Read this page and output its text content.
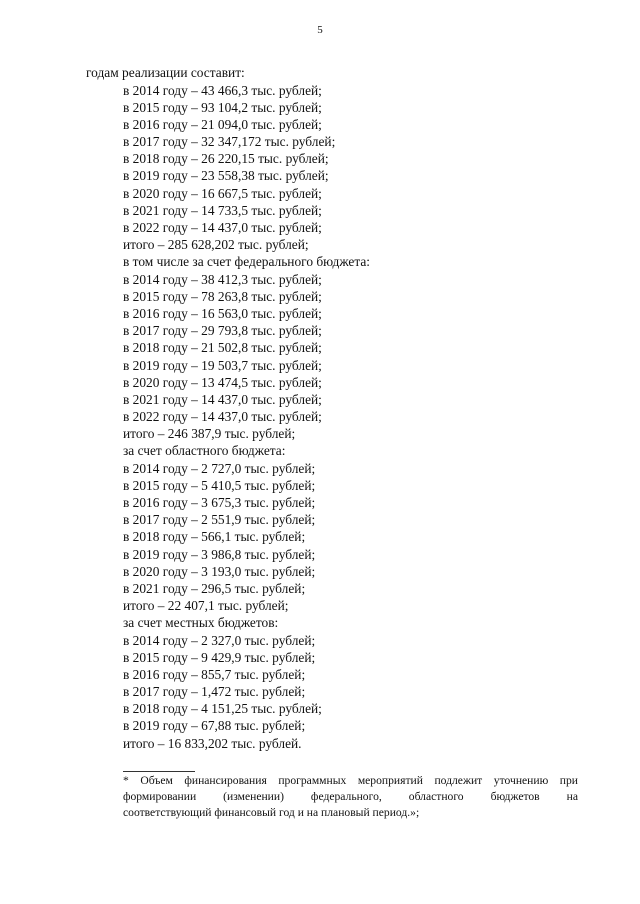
5
годам реализации составит:
в 2014 году – 43 466,3 тыс. рублей;
в 2015 году – 93 104,2 тыс. рублей;
в 2016 году – 21 094,0 тыс. рублей;
в 2017 году – 32 347,172 тыс. рублей;
в 2018 году – 26 220,15 тыс. рублей;
в 2019 году – 23 558,38 тыс. рублей;
в 2020 году – 16 667,5 тыс. рублей;
в 2021 году – 14 733,5 тыс. рублей;
в 2022 году – 14 437,0 тыс. рублей;
итого – 285 628,202 тыс. рублей;
в том числе за счет федерального бюджета:
в 2014 году – 38 412,3 тыс. рублей;
в 2015 году – 78 263,8 тыс. рублей;
в 2016 году – 16 563,0 тыс. рублей;
в 2017 году – 29 793,8 тыс. рублей;
в 2018 году – 21 502,8 тыс. рублей;
в 2019 году – 19 503,7 тыс. рублей;
в 2020 году – 13 474,5 тыс. рублей;
в 2021 году – 14 437,0 тыс. рублей;
в 2022 году – 14 437,0 тыс. рублей;
итого – 246 387,9 тыс. рублей;
за счет областного бюджета:
в 2014 году – 2 727,0 тыс. рублей;
в 2015 году – 5 410,5 тыс. рублей;
в 2016 году – 3 675,3 тыс. рублей;
в 2017 году – 2 551,9 тыс. рублей;
в 2018 году – 566,1 тыс. рублей;
в 2019 году – 3 986,8 тыс. рублей;
в 2020 году – 3 193,0 тыс. рублей;
в 2021 году – 296,5 тыс. рублей;
итого – 22 407,1 тыс. рублей;
за счет местных бюджетов:
в 2014 году – 2 327,0 тыс. рублей;
в 2015 году – 9 429,9 тыс. рублей;
в 2016 году – 855,7 тыс. рублей;
в 2017 году – 1,472 тыс. рублей;
в 2018 году – 4 151,25 тыс. рублей;
в 2019 году – 67,88 тыс. рублей;
итого – 16 833,202 тыс. рублей.
* Объем финансирования программных мероприятий подлежит уточнению при
формировании (изменении) федерального, областного бюджетов на
соответствующий финансовый год и на плановый период.»;
